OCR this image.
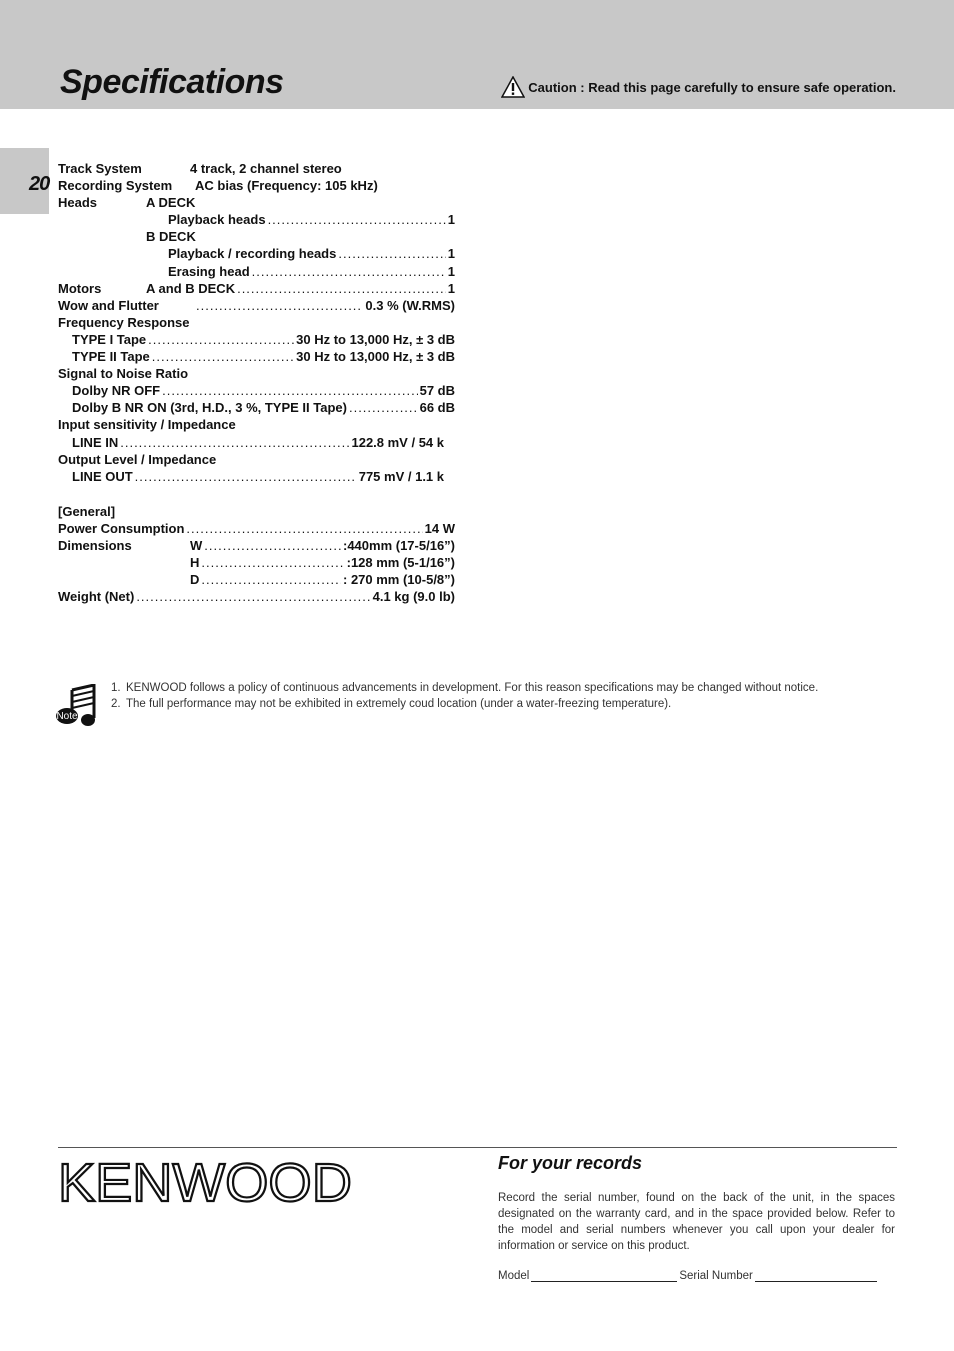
Specifications	Caution : Read this page carefully to ensure safe operation.
20
Track System	4 track, 2 channel stereo
Recording System AC bias (Frequency: 105 kHz)
Heads	A DECK
Playback heads .....	1
B DECK
Playback / recording heads .....	1
Erasing head .....	1
Motors	A and B DECK .....	1
Wow and Flutter .....	0.3 % (W.RMS)
Frequency Response
TYPE I Tape .....	30 Hz to 13,000 Hz, ± 3 dB
TYPE II Tape .....	30 Hz to 13,000 Hz, ± 3 dB
Signal to Noise Ratio
Dolby NR OFF .....	57 dB
Dolby B NR ON (3rd, H.D., 3 %, TYPE II Tape) .....	66 dB
Input sensitivity / Impedance
LINE IN .....	122.8 mV / 54 k
Output Level / Impedance
LINE OUT .....	775 mV / 1.1 k
[General]
Power Consumption .....	14 W
Dimensions	W .....	:440mm (17-5/16”)
H .....	:128 mm (5-1/16”)
D .....	: 270 mm (10-5/8”)
Weight (Net) .....	4.1 kg (9.0 lb)
Note
1. KENWOOD follows a policy of continuous advancements in development. For this reason specifications may be changed without notice.
2. The full performance may not be exhibited in extremely coud location (under a water-freezing temperature).
KENWOOD	For your records
Record the serial number, found on the back of the unit, in the spaces designated on the warranty card, and in the space provided below. Refer to the model and serial numbers whenever you call upon your dealer for information or service on this product.
Model	Serial Number
